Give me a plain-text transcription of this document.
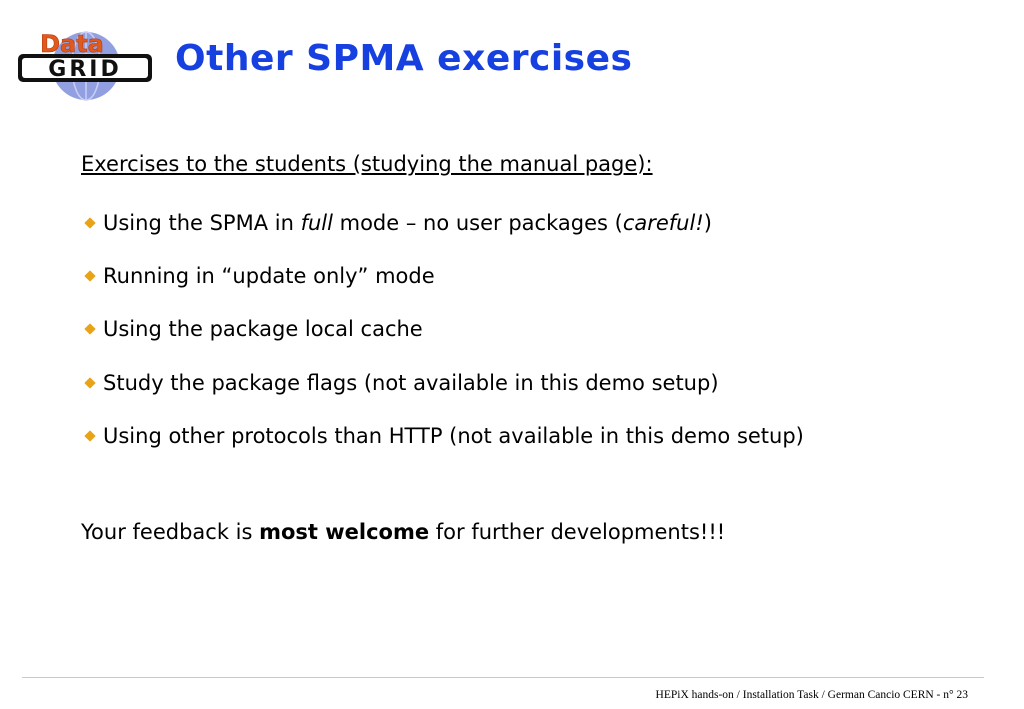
GRID
Data Other SPMA exercises

Exercises to the students (studying the manual page):

Using the SPMA in full mode – no user packages (careful!)
Running in “update only” mode
Using the package local cache
Study the package flags (not available in this demo setup)
Using other protocols than HTTP (not available in this demo setup)

Your feedback is most welcome for further developments!!!

HEPiX hands-on / Installation Task / German Cancio CERN - n° 23
